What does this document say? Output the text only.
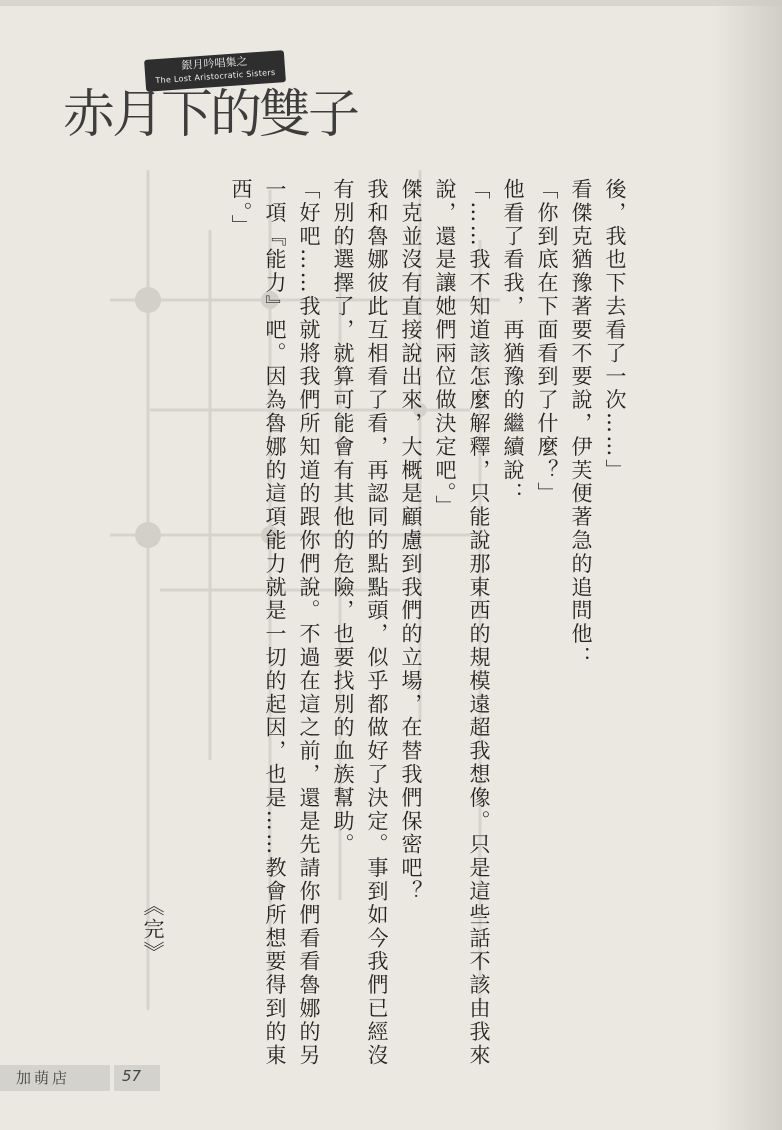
銀月吟唱集之
The Lost Aristocratic Sisters
赤月下的雙子

後，我也下去看了一次……」

看傑克猶豫著要不要說，伊芙便著急的追問他：

「你到底在下面看到了什麼？」

他看了看我，再猶豫的繼續說：

「……我不知道該怎麼解釋，只能說那東西的規模遠超我想像。只是這些話不該由我來說，還是讓她們兩位做決定吧。」

傑克並沒有直接說出來，大概是顧慮到我們的立場，在替我們保密吧？

我和魯娜彼此互相看了看，再認同的點點頭，似乎都做好了決定。事到如今我們已經沒有別的選擇了，就算可能會有其他的危險，也要找別的血族幫助。

「好吧……我就將我們所知道的跟你們說。不過在這之前，還是先請你們看看魯娜的另一項『能力』吧。因為魯娜的這項能力就是一切的起因，也是……教會所想要得到的東西。」

《完》
加萌店	57
